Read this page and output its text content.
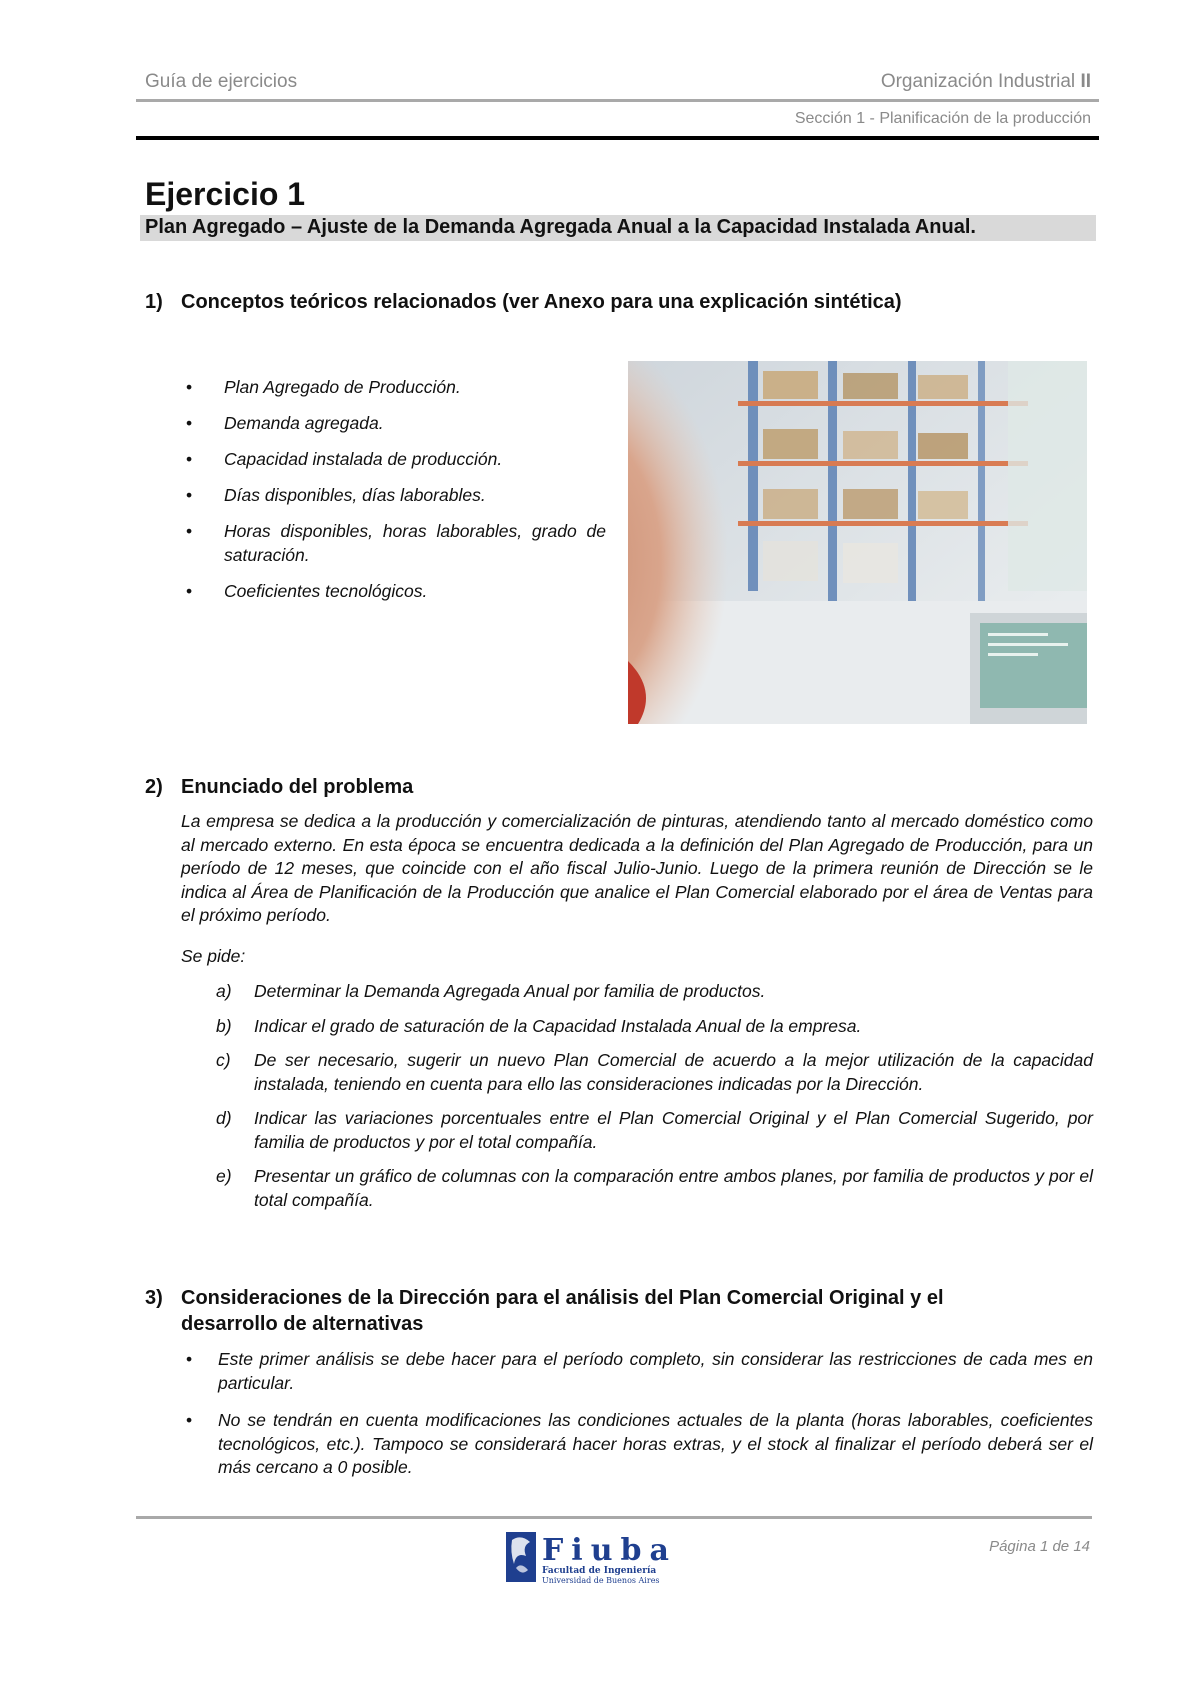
Guía de ejercicios	Organización Industrial II
Sección 1 - Planificación de la producción
Ejercicio 1
Plan Agregado – Ajuste de la Demanda Agregada Anual a la Capacidad Instalada Anual.
1) Conceptos teóricos relacionados (ver Anexo para una explicación sintética)
• Plan Agregado de Producción.
• Demanda agregada.
• Capacidad instalada de producción.
• Días disponibles, días laborables.
• Horas disponibles, horas laborables, grado de saturación.
• Coeficientes tecnológicos.
2) Enunciado del problema
La empresa se dedica a la producción y comercialización de pinturas, atendiendo tanto al mercado doméstico como al mercado externo. En esta época se encuentra dedicada a la definición del Plan Agregado de Producción, para un período de 12 meses, que coincide con el año fiscal Julio-Junio. Luego de la primera reunión de Dirección se le indica al Área de Planificación de la Producción que analice el Plan Comercial elaborado por el área de Ventas para el próximo período.
Se pide:
a) Determinar la Demanda Agregada Anual por familia de productos.
b) Indicar el grado de saturación de la Capacidad Instalada Anual de la empresa.
c) De ser necesario, sugerir un nuevo Plan Comercial de acuerdo a la mejor utilización de la capacidad instalada, teniendo en cuenta para ello las consideraciones indicadas por la Dirección.
d) Indicar las variaciones porcentuales entre el Plan Comercial Original y el Plan Comercial Sugerido, por familia de productos y por el total compañía.
e) Presentar un gráfico de columnas con la comparación entre ambos planes, por familia de productos y por el total compañía.
3) Consideraciones de la Dirección para el análisis del Plan Comercial Original y el desarrollo de alternativas
• Este primer análisis se debe hacer para el período completo, sin considerar las restricciones de cada mes en particular.
• No se tendrán en cuenta modificaciones las condiciones actuales de la planta (horas laborables, coeficientes tecnológicos, etc.). Tampoco se considerará hacer horas extras, y el stock al finalizar el período deberá ser el más cercano a 0 posible.
Fiuba
Facultad de Ingeniería
Universidad de Buenos Aires
Página 1 de 14
